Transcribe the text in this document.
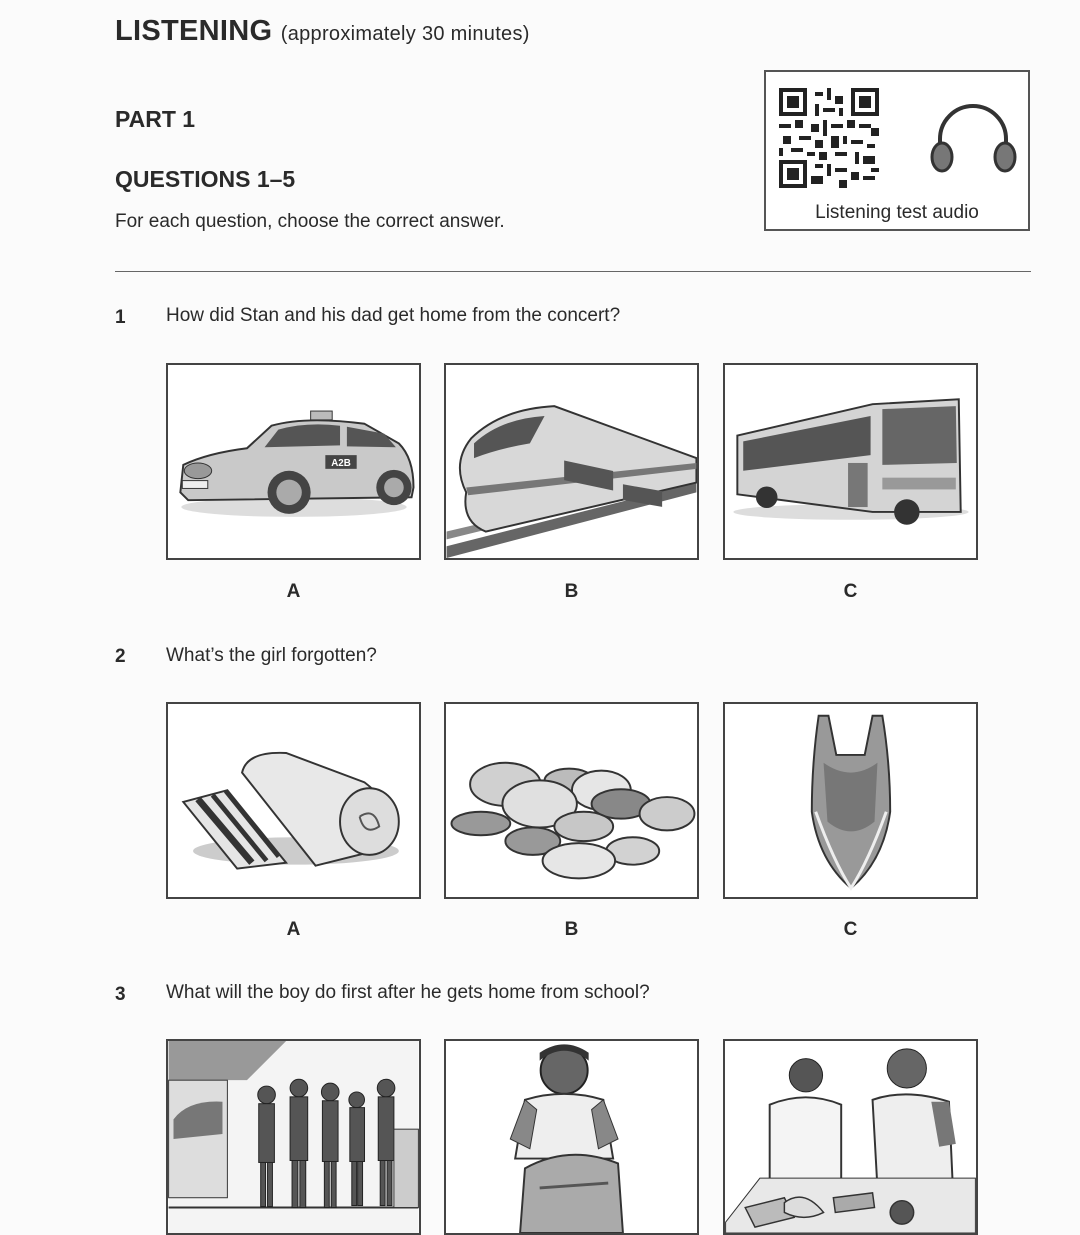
LISTENING (approximately 30 minutes)
PART 1
QUESTIONS 1–5
For each question, choose the correct answer.	Listening test audio
1 How did Stan and his dad get home from the concert?
A2B
A	B	C
2 What’s the girl forgotten?
A	B	C
3 What will the boy do first after he gets home from school?
